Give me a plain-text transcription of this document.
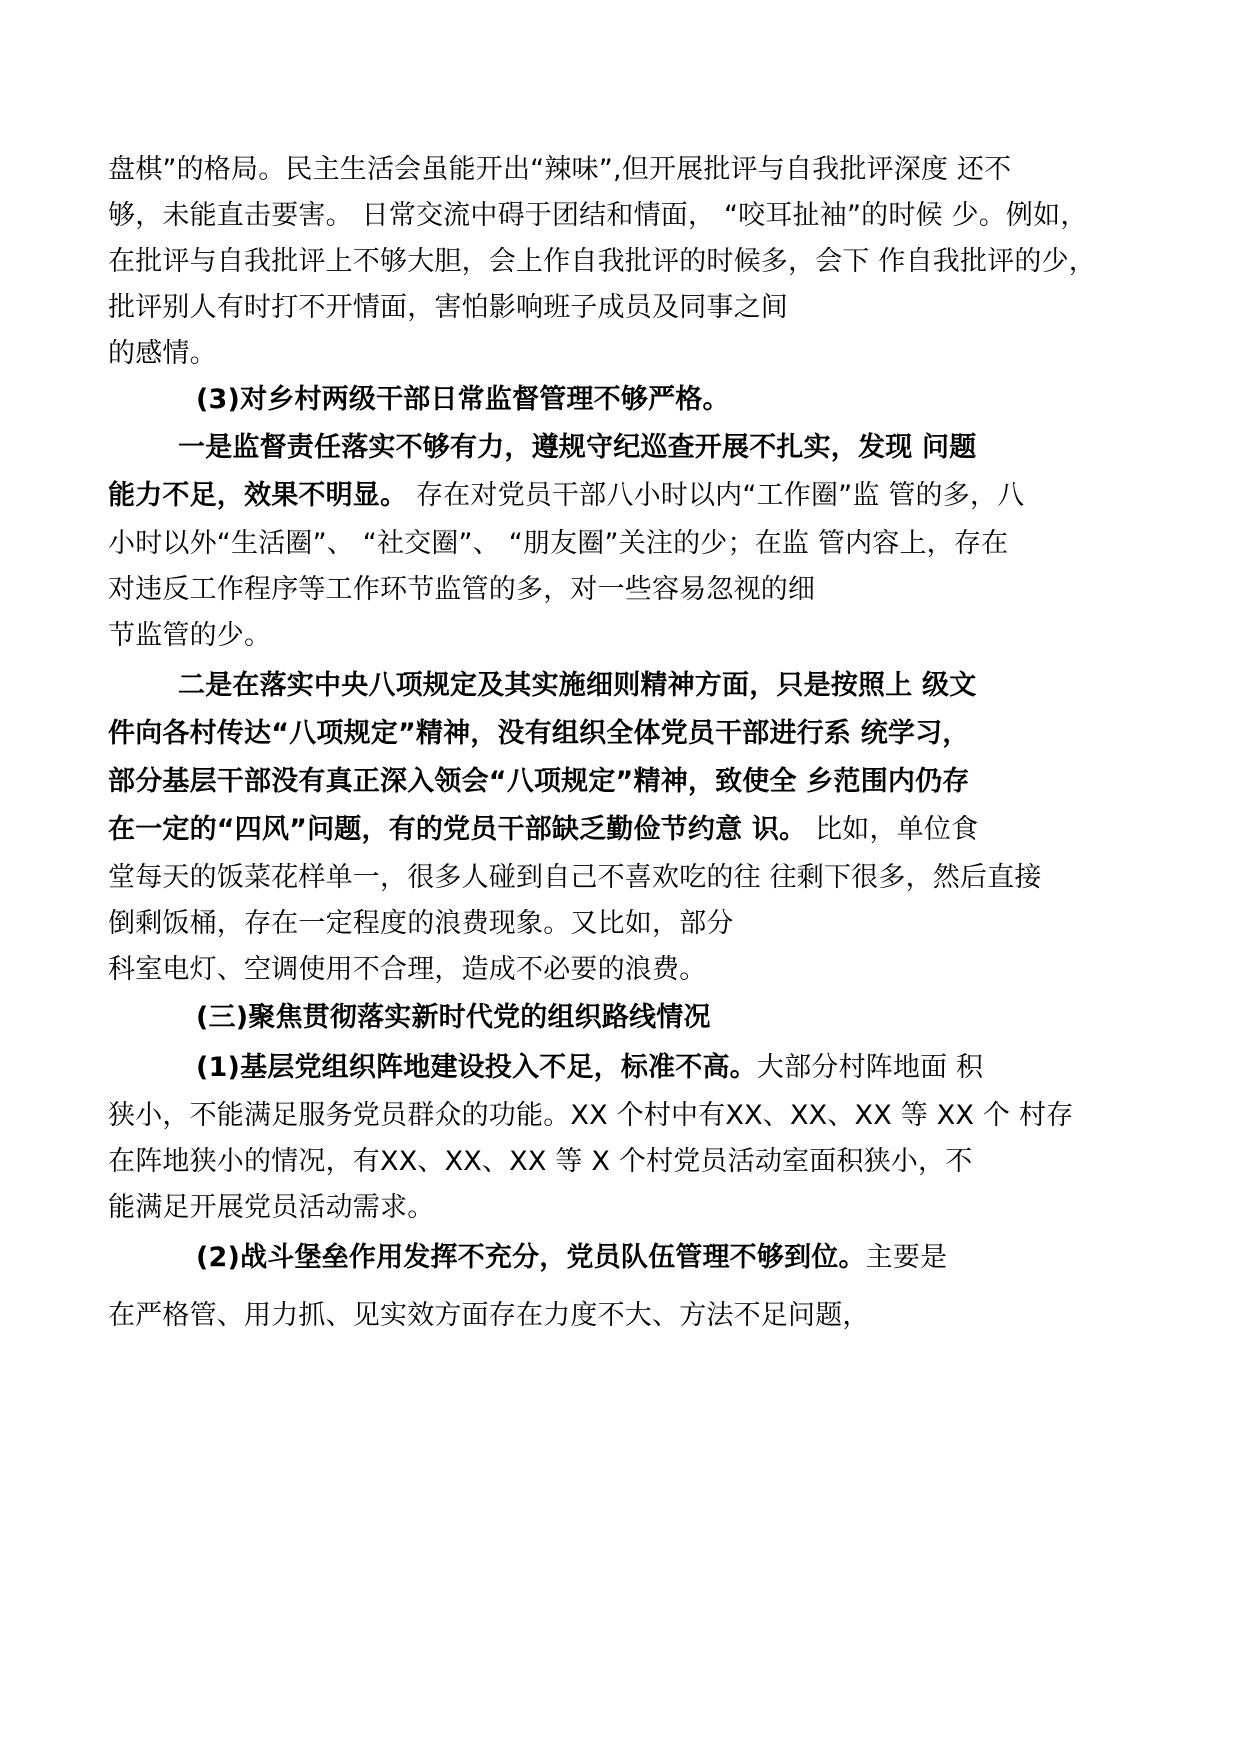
盘棋”的格局。民主生活会虽能开出“辣味”,但开展批评与自我批评深度 还不

够，未能直击要害。 日常交流中碍于团结和情面， “咬耳扯袖”的时候 少。例如，

在批评与自我批评上不够大胆，会上作自我批评的时候多，会下 作自我批评的少，

批评别人有时打不开情面，害怕影响班子成员及同事之间

的感情。

(3)对乡村两级干部日常监督管理不够严格。

一是监督责任落实不够有力，遵规守纪巡查开展不扎实，发现 问题

能力不足，效果不明显。 存在对党员干部八小时以内“工作圈”监 管的多，八

小时以外“生活圈”、 “社交圈”、 “朋友圈”关注的少；在监 管内容上，存在

对违反工作程序等工作环节监管的多，对一些容易忽视的细

节监管的少。

二是在落实中央八项规定及其实施细则精神方面，只是按照上 级文

件向各村传达“八项规定”精神，没有组织全体党员干部进行系 统学习，

部分基层干部没有真正深入领会“八项规定”精神，致使全 乡范围内仍存

在一定的“四风”问题，有的党员干部缺乏勤俭节约意 识。 比如，单位食

堂每天的饭菜花样单一，很多人碰到自己不喜欢吃的往 往剩下很多，然后直接

倒剩饭桶，存在一定程度的浪费现象。又比如，部分

科室电灯、空调使用不合理，造成不必要的浪费。

(三)聚焦贯彻落实新时代党的组织路线情况

(1)基层党组织阵地建设投入不足，标准不高。大部分村阵地面 积

狭小，不能满足服务党员群众的功能。XX 个村中有XX、XX、XX 等 XX 个 村存

在阵地狭小的情况，有XX、XX、XX 等 X 个村党员活动室面积狭小，不

能满足开展党员活动需求。

(2)战斗堡垒作用发挥不充分，党员队伍管理不够到位。主要是

在严格管、用力抓、见实效方面存在力度不大、方法不足问题，
